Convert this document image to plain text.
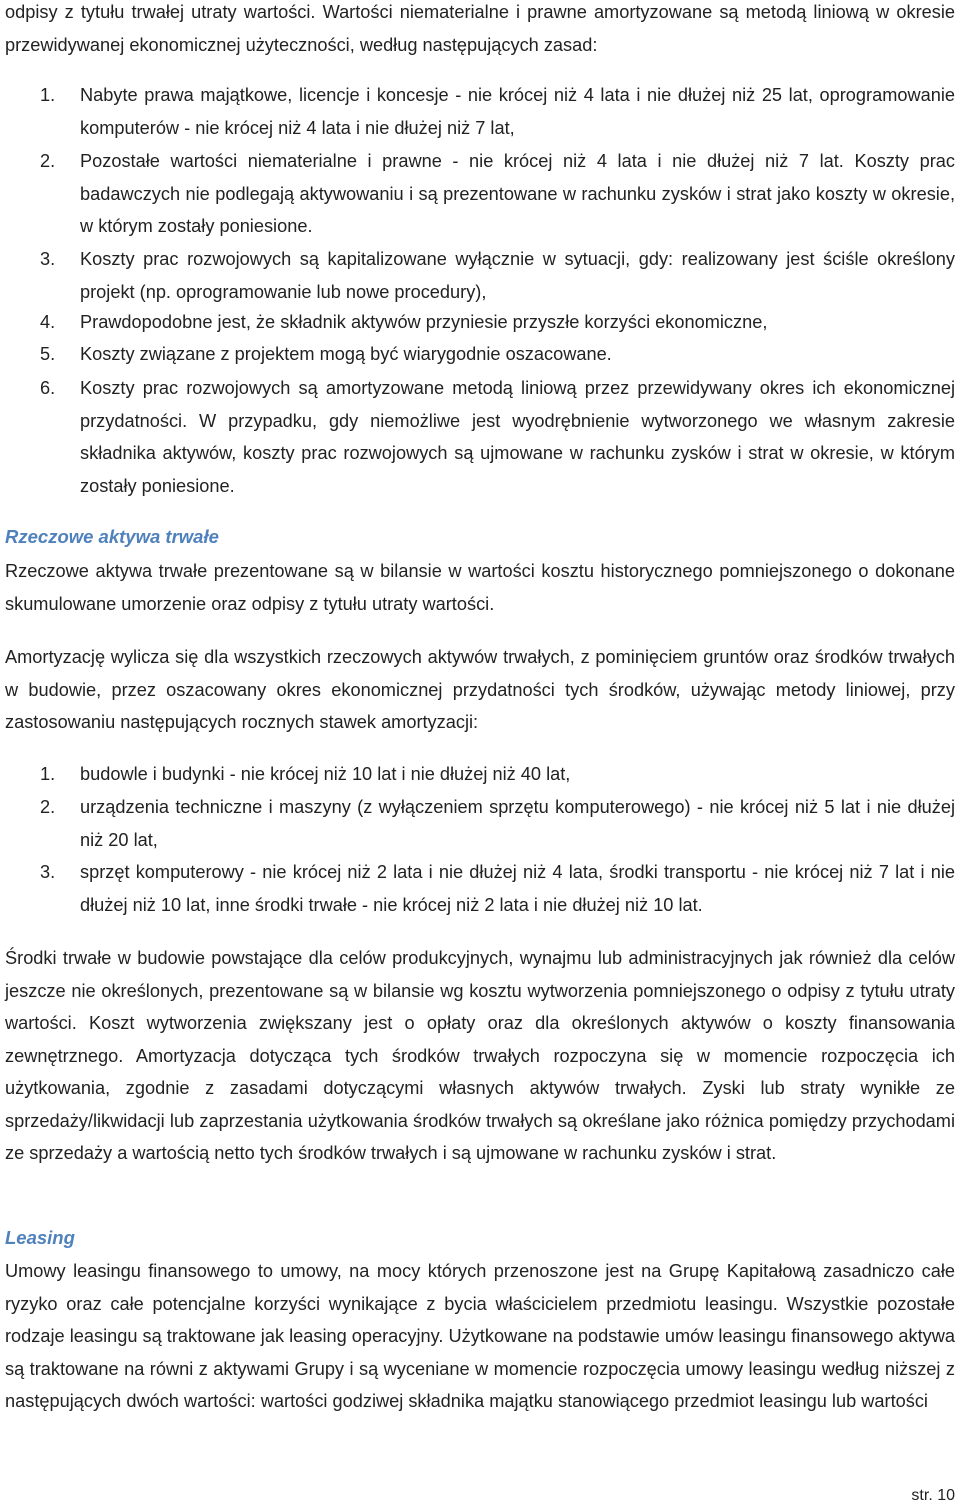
odpisy z tytułu trwałej utraty wartości. Wartości niematerialne i prawne amortyzowane są metodą liniową w okresie przewidywanej ekonomicznej użyteczności, według następujących zasad:

1.	Nabyte prawa majątkowe, licencje i koncesje - nie krócej niż 4 lata i nie dłużej niż 25 lat, oprogramowanie komputerów - nie krócej niż 4 lata i nie dłużej niż 7 lat,
2.	Pozostałe wartości niematerialne i prawne - nie krócej niż 4 lata i nie dłużej niż 7 lat. Koszty prac badawczych nie podlegają aktywowaniu i są prezentowane w rachunku zysków i strat jako koszty w okresie, w którym zostały poniesione.
3.	Koszty prac rozwojowych są kapitalizowane wyłącznie w sytuacji, gdy: realizowany jest ściśle określony projekt (np. oprogramowanie lub nowe procedury),
4.	Prawdopodobne jest, że składnik aktywów przyniesie przyszłe korzyści ekonomiczne,
5.	Koszty związane z projektem mogą być wiarygodnie oszacowane.
6.	Koszty prac rozwojowych są amortyzowane metodą liniową przez przewidywany okres ich ekonomicznej przydatności. W przypadku, gdy niemożliwe jest wyodrębnienie wytworzonego we własnym zakresie składnika aktywów, koszty prac rozwojowych są ujmowane w rachunku zysków i strat w okresie, w którym zostały poniesione.
Rzeczowe aktywa trwałe

Rzeczowe aktywa trwałe prezentowane są w bilansie w wartości kosztu historycznego pomniejszonego o dokonane skumulowane umorzenie oraz odpisy z tytułu utraty wartości.

Amortyzację wylicza się dla wszystkich rzeczowych aktywów trwałych, z pominięciem gruntów oraz środków trwałych w budowie, przez oszacowany okres ekonomicznej przydatności tych środków, używając metody liniowej, przy zastosowaniu następujących rocznych stawek amortyzacji:

1.	budowle i budynki - nie krócej niż 10 lat i nie dłużej niż 40 lat,
2.	urządzenia techniczne i maszyny (z wyłączeniem sprzętu komputerowego) - nie krócej niż 5 lat i nie dłużej niż 20 lat,
3.	sprzęt komputerowy - nie krócej niż 2 lata i nie dłużej niż 4 lata, środki transportu - nie krócej niż 7 lat i nie dłużej niż 10 lat, inne środki trwałe - nie krócej niż 2 lata i nie dłużej niż 10 lat.

Środki trwałe w budowie powstające dla celów produkcyjnych, wynajmu lub administracyjnych jak również dla celów jeszcze nie określonych, prezentowane są w bilansie wg kosztu wytworzenia pomniejszonego o odpisy z tytułu utraty wartości. Koszt wytworzenia zwiększany jest o opłaty oraz dla określonych aktywów o koszty finansowania zewnętrznego. Amortyzacja dotycząca tych środków trwałych rozpoczyna się w momencie rozpoczęcia ich użytkowania, zgodnie z zasadami dotyczącymi własnych aktywów trwałych. Zyski lub straty wynikłe ze sprzedaży/likwidacji lub zaprzestania użytkowania środków trwałych są określane jako różnica pomiędzy przychodami ze sprzedaży a wartością netto tych środków trwałych i są ujmowane w rachunku zysków i strat.

Leasing

Umowy leasingu finansowego to umowy, na mocy których przenoszone jest na Grupę Kapitałową zasadniczo całe ryzyko oraz całe potencjalne korzyści wynikające z bycia właścicielem przedmiotu leasingu. Wszystkie pozostałe rodzaje leasingu są traktowane jak leasing operacyjny. Użytkowane na podstawie umów leasingu finansowego aktywa są traktowane na równi z aktywami Grupy i są wyceniane w momencie rozpoczęcia umowy leasingu według niższej z następujących dwóch wartości: wartości godziwej składnika majątku stanowiącego przedmiot leasingu lub wartości

str. 10
